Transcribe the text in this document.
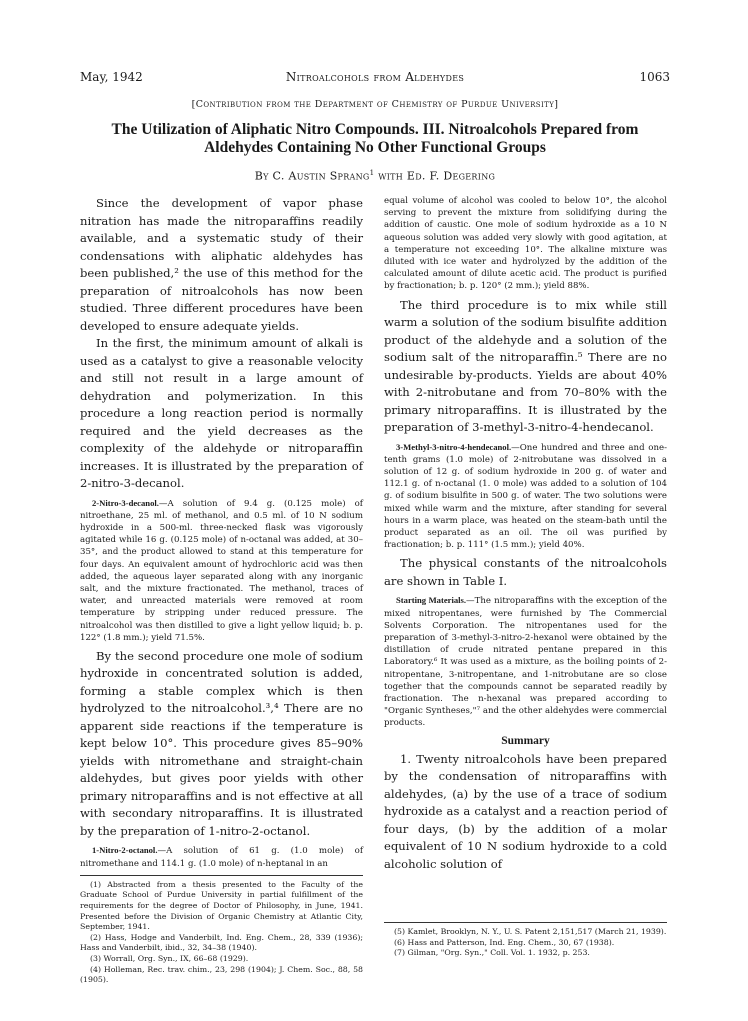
May, 1942	Nitroalcohols from Aldehydes	1063
[Contribution from the Department of Chemistry of Purdue University]
The Utilization of Aliphatic Nitro Compounds. III. Nitroalcohols Prepared from Aldehydes Containing No Other Functional Groups
By C. Austin Sprang$^1$ with Ed. F. Degering

Since the development of vapor phase nitration has made the nitroparaffins readily available, and a systematic study of their condensations with aliphatic aldehydes has been published,² the use of this method for the preparation of nitroalcohols has now been studied. Three different procedures have been developed to ensure adequate yields.

In the first, the minimum amount of alkali is used as a catalyst to give a reasonable velocity and still not result in a large amount of dehydration and polymerization. In this procedure a long reaction period is normally required and the yield decreases as the complexity of the aldehyde or nitroparaffin increases. It is illustrated by the preparation of 2-nitro-3-decanol.

2-Nitro-3-decanol.—A solution of 9.4 g. (0.125 mole) of nitroethane, 25 ml. of methanol, and 0.5 ml. of 10 N sodium hydroxide in a 500-ml. three-necked flask was vigorously agitated while 16 g. (0.125 mole) of n-octanal was added, at 30–35°, and the product allowed to stand at this temperature for four days. An equivalent amount of hydrochloric acid was then added, the aqueous layer separated along with any inorganic salt, and the mixture fractionated. The methanol, traces of water, and unreacted materials were removed at room temperature by stripping under reduced pressure. The nitroalcohol was then distilled to give a light yellow liquid; b. p. 122° (1.8 mm.); yield 71.5%.

By the second procedure one mole of sodium hydroxide in concentrated solution is added, forming a stable complex which is then hydrolyzed to the nitroalcohol.³,⁴ There are no apparent side reactions if the temperature is kept below 10°. This procedure gives 85–90% yields with nitromethane and straight-chain aldehydes, but gives poor yields with other primary nitroparaffins and is not effective at all with secondary nitroparaffins. It is illustrated by the preparation of 1-nitro-2-octanol.

1-Nitro-2-octanol.—A solution of 61 g. (1.0 mole) of nitromethane and 114.1 g. (1.0 mole) of n-heptanal in an

(1) Abstracted from a thesis presented to the Faculty of the Graduate School of Purdue University in partial fulfillment of the requirements for the degree of Doctor of Philosophy, in June, 1941. Presented before the Division of Organic Chemistry at Atlantic City, September, 1941.

(2) Hass, Hodge and Vanderbilt, Ind. Eng. Chem., 28, 339 (1936); Hass and Vanderbilt, ibid., 32, 34–38 (1940).

(3) Worrall, Org. Syn., IX, 66–68 (1929).

(4) Holleman, Rec. trav. chim., 23, 298 (1904); J. Chem. Soc., 88, 58 (1905).

equal volume of alcohol was cooled to below 10°, the alcohol serving to prevent the mixture from solidifying during the addition of caustic. One mole of sodium hydroxide as a 10 N aqueous solution was added very slowly with good agitation, at a temperature not exceeding 10°. The alkaline mixture was diluted with ice water and hydrolyzed by the addition of the calculated amount of dilute acetic acid. The product is purified by fractionation; b. p. 120° (2 mm.); yield 88%.

The third procedure is to mix while still warm a solution of the sodium bisulfite addition product of the aldehyde and a solution of the sodium salt of the nitroparaffin.⁵ There are no undesirable by-products. Yields are about 40% with 2-nitrobutane and from 70–80% with the primary nitroparaffins. It is illustrated by the preparation of 3-methyl-3-nitro-4-hendecanol.

3-Methyl-3-nitro-4-hendecanol.—One hundred and three and one-tenth grams (1.0 mole) of 2-nitrobutane was dissolved in a solution of 12 g. of sodium hydroxide in 200 g. of water and 112.1 g. of n-octanal (1. 0 mole) was added to a solution of 104 g. of sodium bisulfite in 500 g. of water. The two solutions were mixed while warm and the mixture, after standing for several hours in a warm place, was heated on the steam-bath until the product separated as an oil. The oil was purified by fractionation; b. p. 111° (1.5 mm.); yield 40%.

The physical constants of the nitroalcohols are shown in Table I.

Starting Materials.—The nitroparaffins with the exception of the mixed nitropentanes, were furnished by The Commercial Solvents Corporation. The nitropentanes used for the preparation of 3-methyl-3-nitro-2-hexanol were obtained by the distillation of crude nitrated pentane prepared in this Laboratory.⁶ It was used as a mixture, as the boiling points of 2-nitropentane, 3-nitropentane, and 1-nitrobutane are so close together that the compounds cannot be separated readily by fractionation. The n-hexanal was prepared according to "Organic Syntheses,"⁷ and the other aldehydes were commercial products.

Summary

1. Twenty nitroalcohols have been prepared by the condensation of nitroparaffins with aldehydes, (a) by the use of a trace of sodium hydroxide as a catalyst and a reaction period of four days, (b) by the addition of a molar equivalent of 10 N sodium hydroxide to a cold alcoholic solution of

(5) Kamlet, Brooklyn, N. Y., U. S. Patent 2,151,517 (March 21, 1939).

(6) Hass and Patterson, Ind. Eng. Chem., 30, 67 (1938).

(7) Gilman, "Org. Syn.," Coll. Vol. 1. 1932, p. 253.
